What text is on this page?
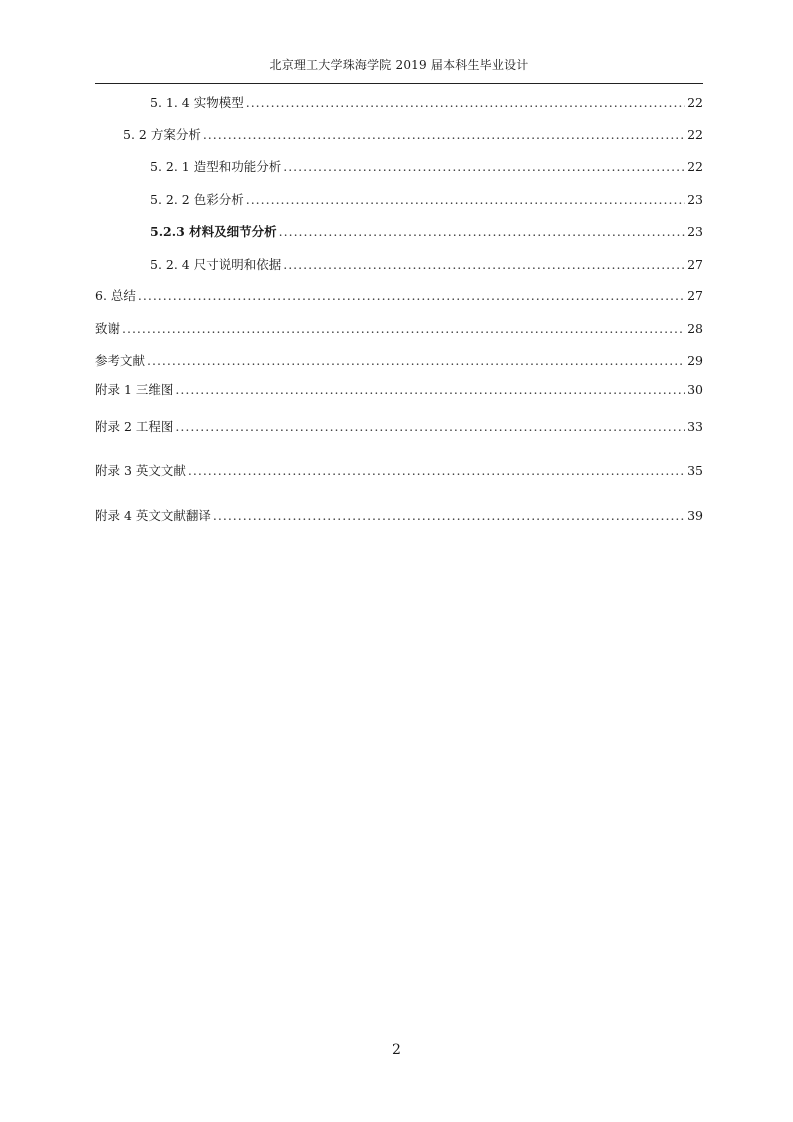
北京理工大学珠海学院 2019 届本科生毕业设计
5. 1. 4 实物模型 .....	22
5. 2 方案分析 .....	22
5. 2. 1 造型和功能分析 .....	22
5. 2. 2 色彩分析 .....	23
5.2.3 材料及细节分析 .....	23
5. 2. 4 尺寸说明和依据 .....	27
6. 总结 .....	27
致谢 .....	28
参考文献 .....	29
附录 1 三维图 .....	30
附录 2 工程图 .....	33
附录 3 英文文献 .....	35
附录 4 英文文献翻译 .....	39
2
